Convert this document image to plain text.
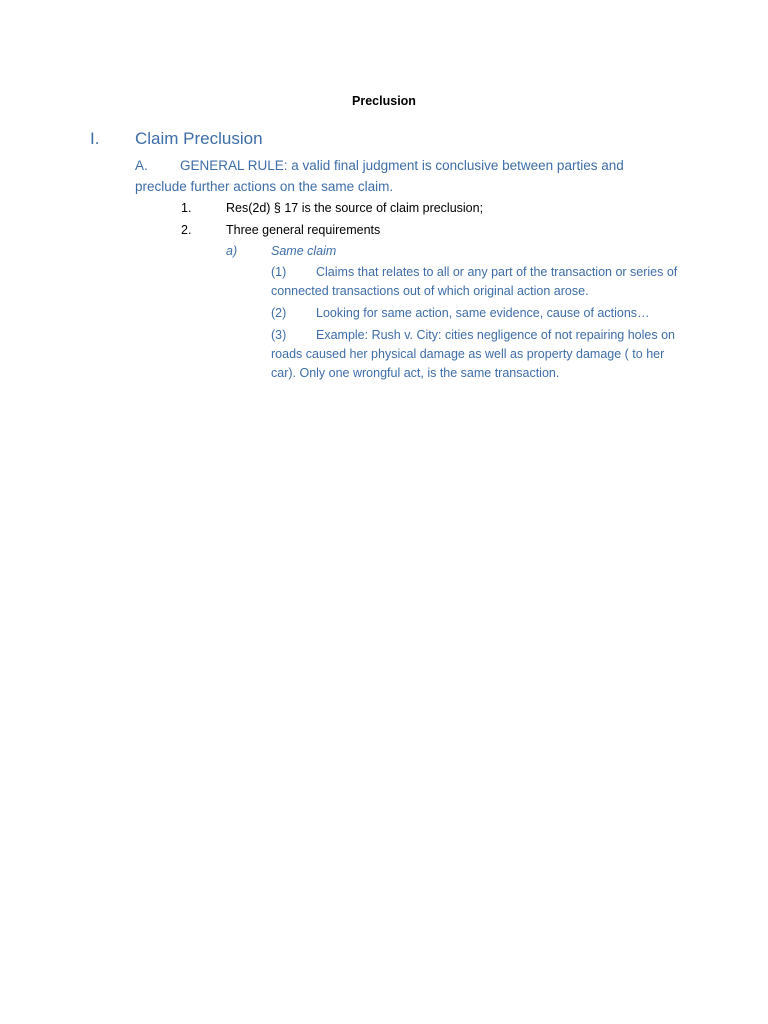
Preclusion
I. Claim Preclusion
A. GENERAL RULE: a valid final judgment is conclusive between parties and preclude further actions on the same claim.
1.	Res(2d) § 17 is the source of claim preclusion;
2.	Three general requirements
a)	Same claim
(1) Claims that relates to all or any part of the transaction or series of connected transactions out of which original action arose.
(2) Looking for same action, same evidence, cause of actions…
(3) Example: Rush v. City: cities negligence of not repairing holes on roads caused her physical damage as well as property damage ( to her car). Only one wrongful act, is the same transaction.
